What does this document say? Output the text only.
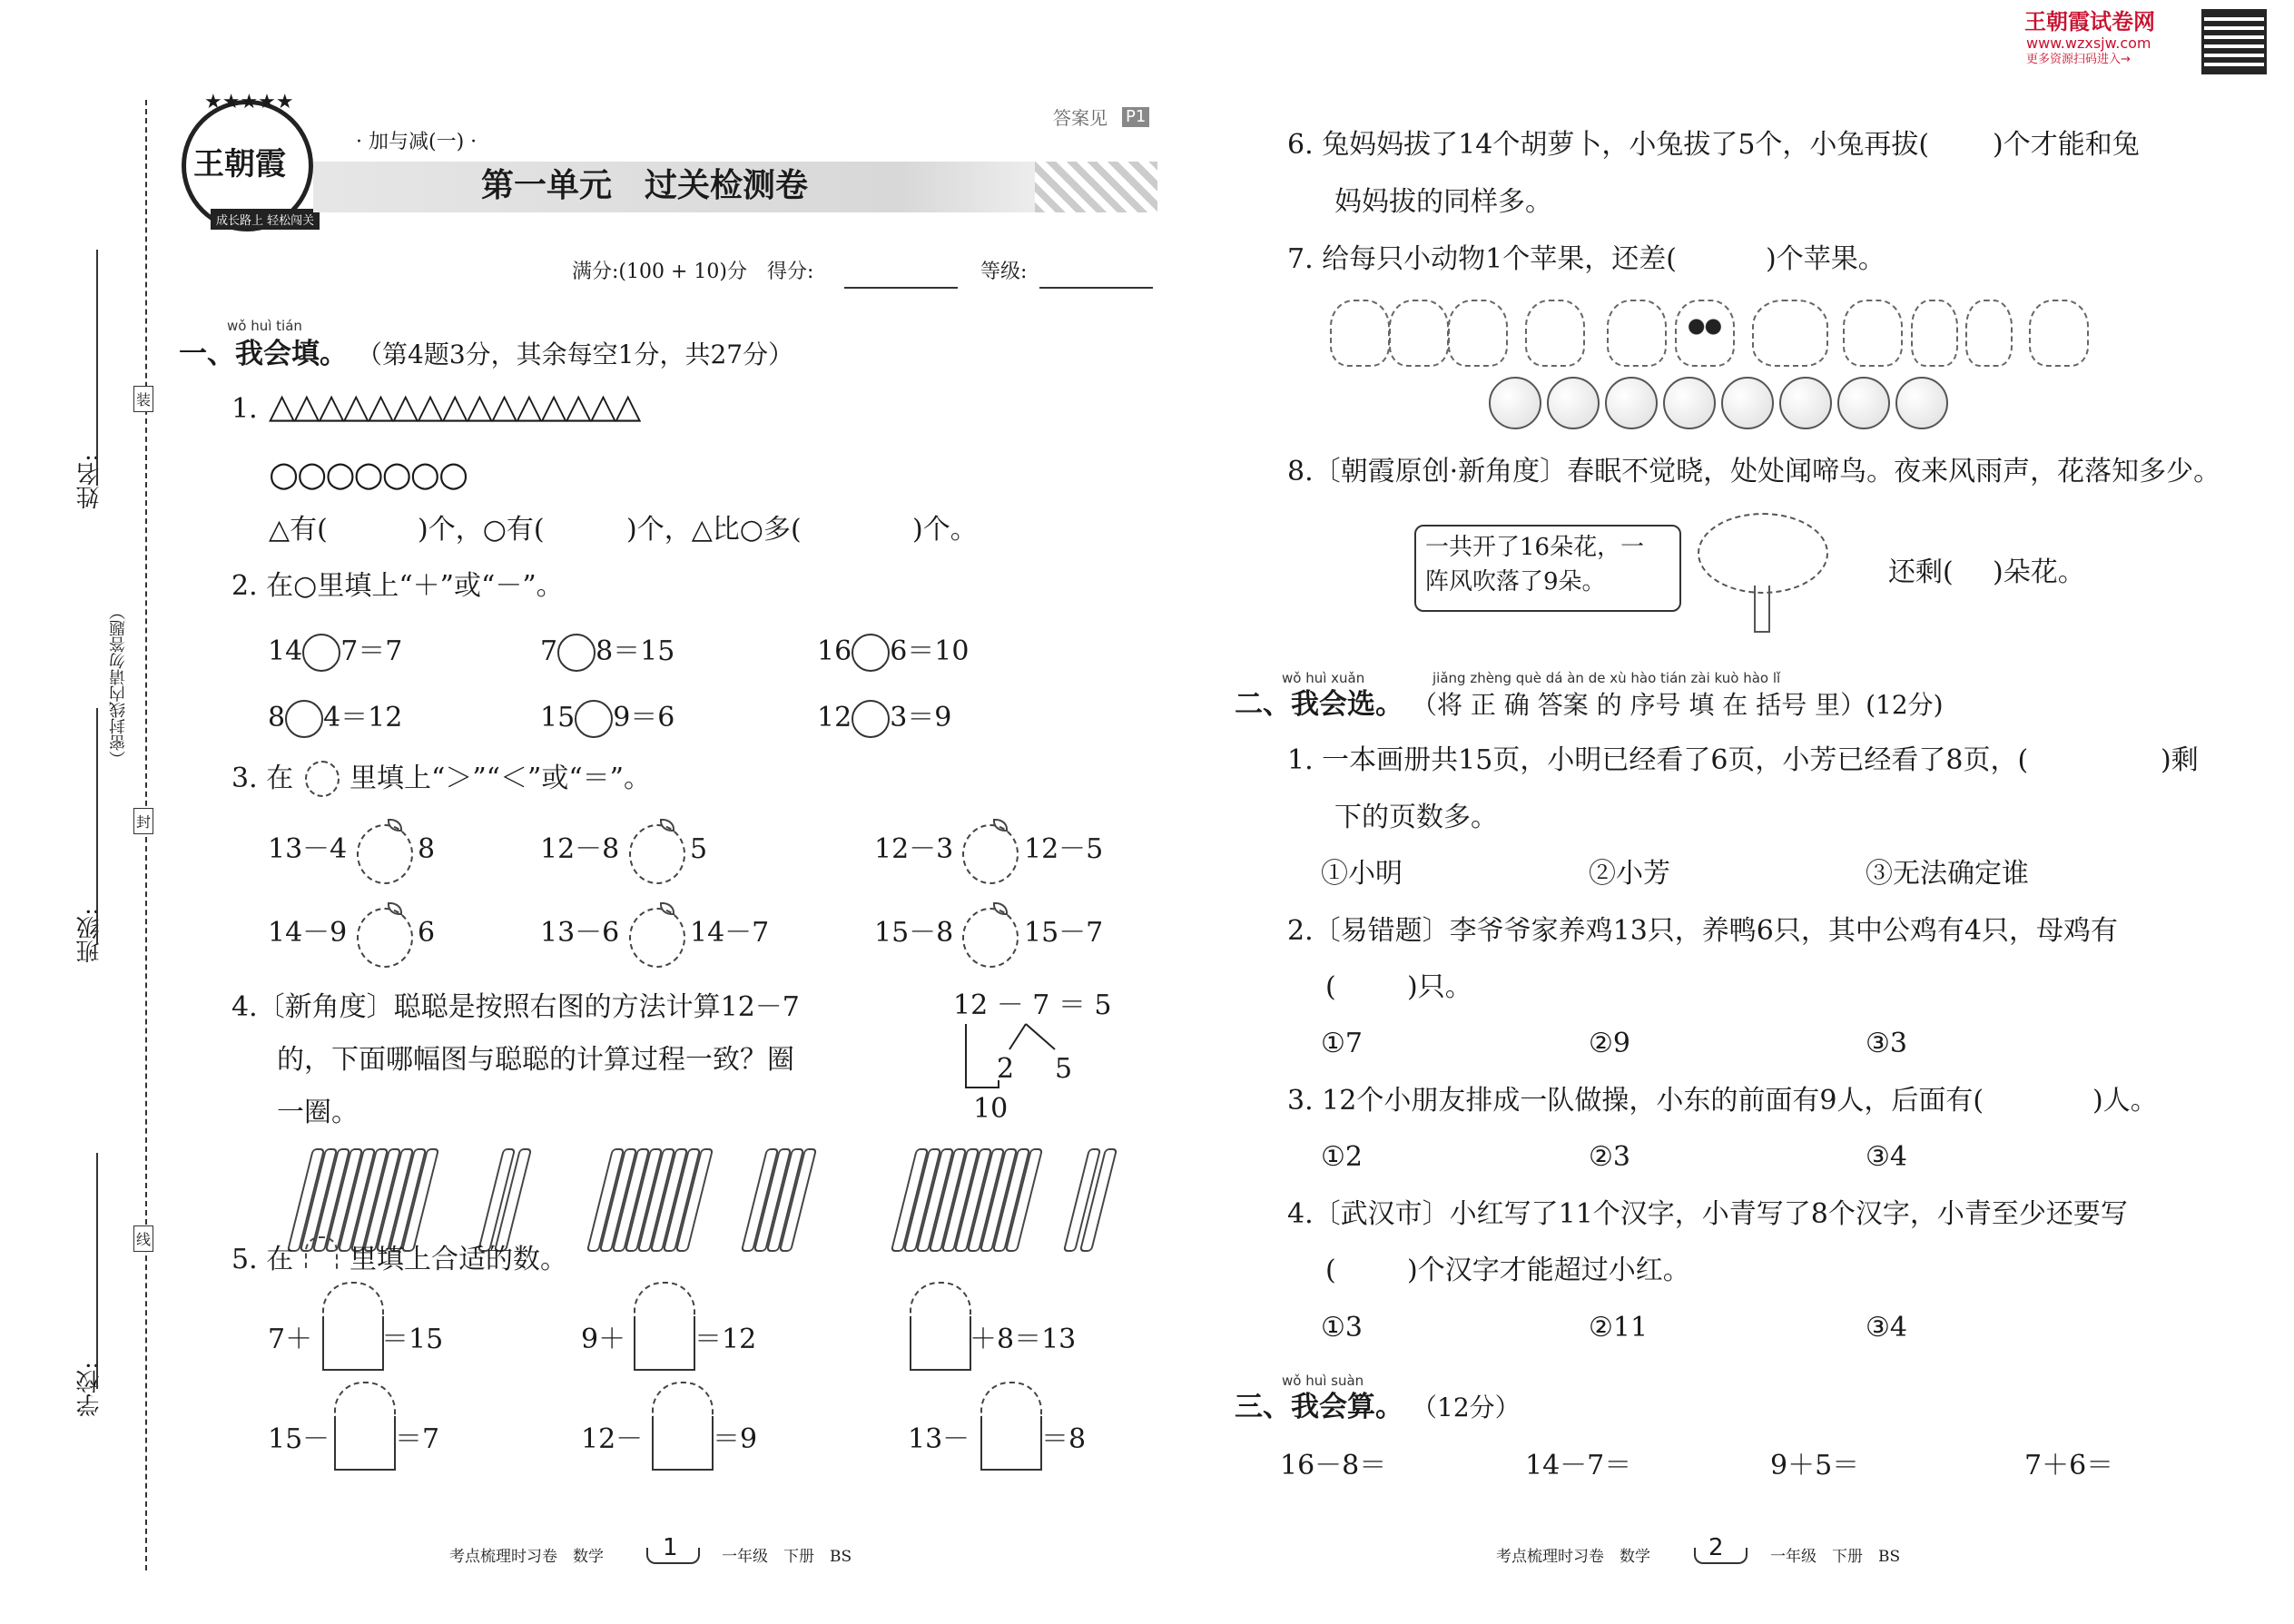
王朝霞试卷网
www.wzxsjw.com
更多资源扫码进入→
姓名:
班级:
学校:
（密封线内请勿答题）
装
封
线
王朝霞
成长路上 轻松闯关
★★★★★
答案见 P1
· 加与减(一) ·
第一单元　过关检测卷
满分:(100 + 10)分　得分:	等级:
wǒ huì tián
一、我会填。 （第4题3分，其余每空1分，共27分）
1. △△△△△△△△△△△△△△△
○○○○○○○
△有(	)个，○有(	)个，△比○多(	)个。
2. 在○里填上“＋”或“－”。
14 7＝7	7 8＝15	16 6＝10
8 4＝12	15 9＝6	12 3＝9
3. 在 里填上“＞”“＜”或“＝”。
13－4	8	12－8	5	12－3	12－5
14－9	6	13－6	14－7	15－8	15－7
4.〔新角度〕聪聪是按照右图的方法计算12－7
的，下面哪幅图与聪聪的计算过程一致？圈
一圈。
12 － 7 ＝ 5
2 5
10
5. 在 里填上合适的数。
7＋	＝15	9＋	＝12	＋8＝13
15－ ＝7	12－	＝9	13－	＝8
考点梳理时习卷　数学	1	一年级　下册　BS
6. 兔妈妈拔了14个胡萝卜，小兔拔了5个，小兔再拔( )个才能和兔
妈妈拔的同样多。
7. 给每只小动物1个苹果，还差(	)个苹果。
8.〔朝霞原创·新角度〕春眠不觉晓，处处闻啼鸟。夜来风雨声，花落知多少。
一共开了16朵花，一
阵风吹落了9朵。	还剩( )朵花。
wǒ huì xuǎn	jiǎng zhèng què dá àn de xù hào tián zài kuò hào lǐ
二、我会选。 （将 正 确 答案 的 序号 填 在 括号 里）(12分)
1. 一本画册共15页，小明已经看了6页，小芳已经看了8页，(	)剩
下的页数多。
①小明	②小芳	③无法确定谁
2.〔易错题〕李爷爷家养鸡13只，养鸭6只，其中公鸡有4只，母鸡有
(	)只。
①7	②9	③3
3. 12个小朋友排成一队做操，小东的前面有9人，后面有(	)人。
①2	②3	③4
4.〔武汉市〕小红写了11个汉字，小青写了8个汉字，小青至少还要写
(	)个汉字才能超过小红。
①3	②11	③4
wǒ huì suàn
三、我会算。 （12分）
16－8＝	14－7＝	9＋5＝	7＋6＝
考点梳理时习卷　数学 2	一年级　下册　BS
